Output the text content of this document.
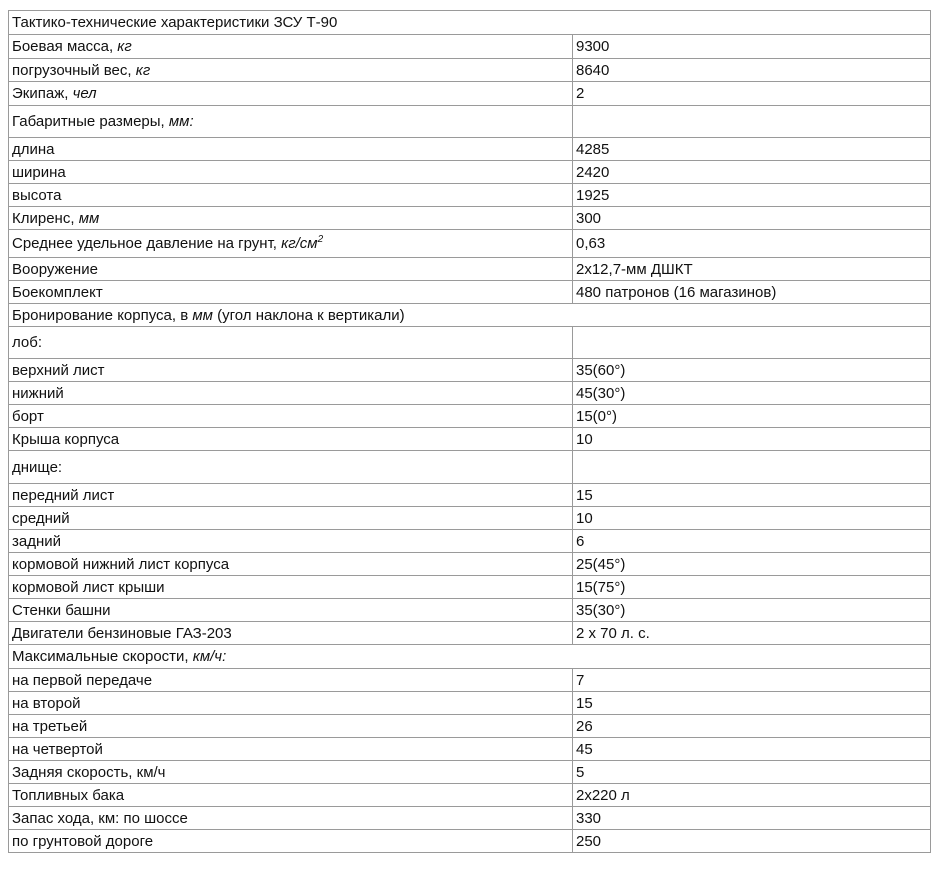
Тактико-технические характеристики ЗСУ Т-90	
Боевая масса, кг	9300
погрузочный вес, кг	8640
Экипаж, чел	2
Габаритные размеры, мм:	
длина	4285
ширина	2420
высота	1925
Клиренс, мм	300
Среднее удельное давление на грунт, $кг/см^2$	0,63
Вооружение	2х12,7-мм ДШКТ
Боекомплект	480 патронов (16 магазинов)
Бронирование корпуса, в мм (угол наклона к вертикали)	
лоб:	
верхний лист	35(60°)
нижний	45(30°)
борт	15(0°)
Крыша корпуса	10
днище:	
передний лист	15
средний	10
задний	6
кормовой нижний лист корпуса	25(45°)
кормовой лист крыши	15(75°)
Стенки башни	35(30°)
Двигатели бензиновые ГАЗ-203	2 х 70 л. с.
Максимальные скорости, км/ч:	
на первой передаче	7
на второй	15
на третьей	26
на четвертой	45
Задняя скорость, км/ч	5
Топливных бака	2х220 л
Запас хода, км: по шоссе	330
по грунтовой дороге	250
